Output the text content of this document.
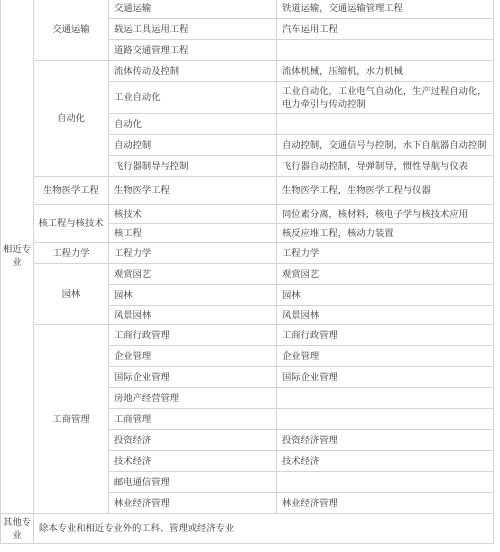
相近专业	交通运输	交通运输	铁道运输，交通运输管理工程
		载运工具运用工程	汽车运用工程
		道路交通管理工程	
	自动化	流体传动及控制	流体机械，压缩机，水力机械
		工业自动化	工业自动化，工业电气自动化，生产过程自动化，电力牵引与传动控制
		自动化	
		自动控制	自动控制，交通信号与控制，水下自航器自动控制
		飞行器制导与控制	飞行器自动控制，导弹制导，惯性导航与仪表
	生物医学工程	生物医学工程	生物医学工程，生物医学工程与仪器
	核工程与核技术	核技术	同位素分离，核材料，核电子学与核技术应用
		核工程	核反应堆工程，核动力装置
	工程力学	工程力学	工程力学
	园林	观赏园艺	观赏园艺
		园林	园林
		风景园林	风景园林
	工商管理	工商行政管理	工商行政管理
		企业管理	企业管理
		国际企业管理	国际企业管理
		房地产经营管理	
		工商管理	
		投资经济	投资经济管理
		技术经济	技术经济
		邮电通信管理	
		林业经济管理	林业经济管理
其他专业	除本专业和相近专业外的工科、管理或经济专业		
